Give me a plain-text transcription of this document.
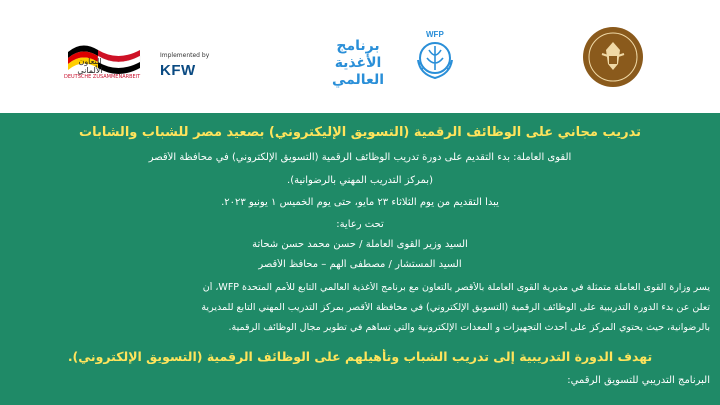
التعاون الألماني
DEUTSCHE ZUSAMMENARBEIT
Implemented by
KFW
WFP
برنامج الأغذية العالمي
تدريب مجاني على الوظائف الرقمية (التسويق الإليكتروني) بصعيد مصر للشباب والشابات
القوى العاملة: بدء التقديم على دورة تدريب الوظائف الرقمية (التسويق الإلكتروني) في محافظة الأقصر
(بمركز التدريب المهني بالرضوانية).
يبدأ التقديم من يوم الثلاثاء ٢٣ مايو، حتى يوم الخميس ١ يونيو ٢٠٢٣.
تحت رعاية:
السيد وزير القوى العاملة / حسن محمد حسن شحاتة
السيد المستشار / مصطفى ألهم – محافظ الأقصر
يسر وزارة القوى العاملة متمثلة في مديرية القوى العاملة بالأقصر بالتعاون مع برنامج الأغذية العالمي التابع للأمم المتحدة WFP، أن
تعلن عن بدء الدورة التدريبية على الوظائف الرقمية (التسويق الإلكتروني) في محافظة الأقصر بمركز التدريب المهني التابع للمديرية
بالرضوانية، حيث يحتوي المركز على أحدث التجهيزات و المعدات الإلكترونية والتي تساهم في تطوير مجال الوظائف الرقمية.
تهدف الدورة التدريبية إلى تدريب الشباب وتأهيلهم على الوظائف الرقمية (التسويق الإلكتروني).
البرنامج التدريبي للتسويق الرقمي:
